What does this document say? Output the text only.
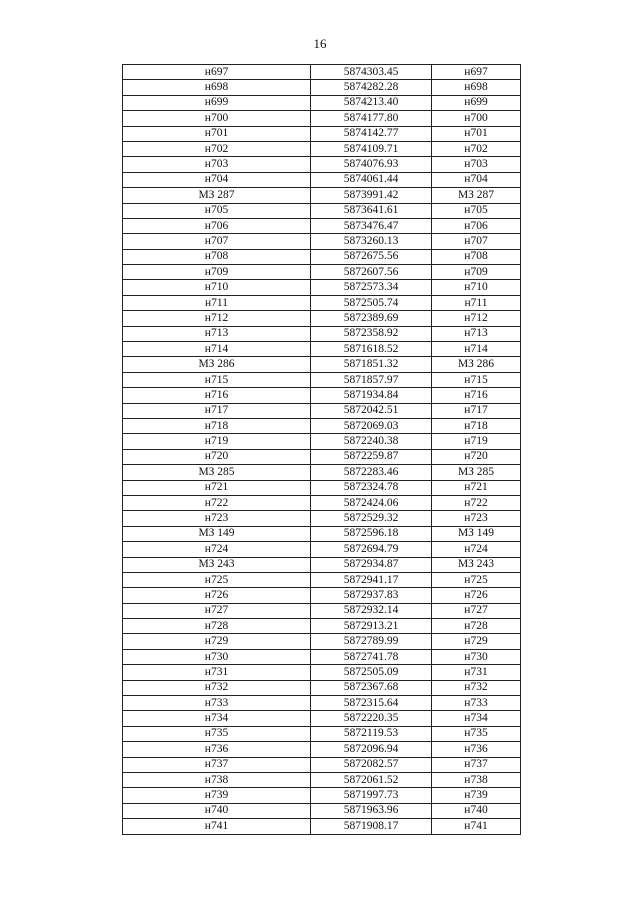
16
н697	5874303.45	н697
н698	5874282.28	н698
н699	5874213.40	н699
н700	5874177.80	н700
н701	5874142.77	н701
н702	5874109.71	н702
н703	5874076.93	н703
н704	5874061.44	н704
МЗ 287	5873991.42	МЗ 287
н705	5873641.61	н705
н706	5873476.47	н706
н707	5873260.13	н707
н708	5872675.56	н708
н709	5872607.56	н709
н710	5872573.34	н710
н711	5872505.74	н711
н712	5872389.69	н712
н713	5872358.92	н713
н714	5871618.52	н714
МЗ 286	5871851.32	МЗ 286
н715	5871857.97	н715
н716	5871934.84	н716
н717	5872042.51	н717
н718	5872069.03	н718
н719	5872240.38	н719
н720	5872259.87	н720
МЗ 285	5872283.46	МЗ 285
н721	5872324.78	н721
н722	5872424.06	н722
н723	5872529.32	н723
МЗ 149	5872596.18	МЗ 149
н724	5872694.79	н724
МЗ 243	5872934.87	МЗ 243
н725	5872941.17	н725
н726	5872937.83	н726
н727	5872932.14	н727
н728	5872913.21	н728
н729	5872789.99	н729
н730	5872741.78	н730
н731	5872505.09	н731
н732	5872367.68	н732
н733	5872315.64	н733
н734	5872220.35	н734
н735	5872119.53	н735
н736	5872096.94	н736
н737	5872082.57	н737
н738	5872061.52	н738
н739	5871997.73	н739
н740	5871963.96	н740
н741	5871908.17	н741
